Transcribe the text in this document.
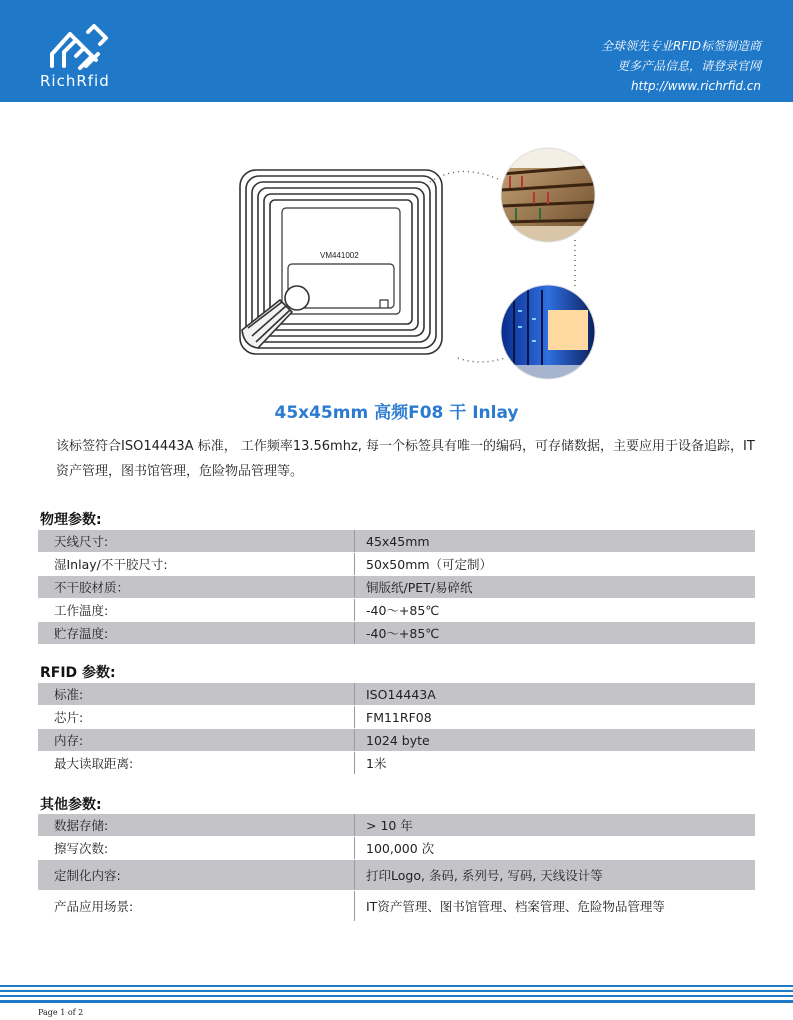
RichRfid
全球领先专业RFID标签制造商
更多产品信息，请登录官网
http://www.richrfid.cn
VM441002
45x45mm 高频F08 干 Inlay
该标签符合ISO14443A 标准， 工作频率13.56mhz, 每一个标签具有唯一的编码，可存储数据，主要应用于设备追踪，IT 资产管理，图书馆管理，危险物品管理等。
物理参数:
天线尺寸:	45x45mm
湿Inlay/不干胶尺寸:	50x50mm（可定制）
不干胶材质：	铜版纸/PET/易碎纸
工作温度:	-40～+85℃
贮存温度:	-40～+85℃
RFID 参数:
标准:	ISO14443A
芯片:	FM11RF08
内存:	1024 byte
最大读取距离:	1米
其他参数:
数据存储:	> 10 年
擦写次数:	100,000 次
定制化内容:	打印Logo, 条码, 系列号, 写码, 天线设计等
产品应用场景:	IT资产管理、图书馆管理、档案管理、危险物品管理等
Page 1 of 2
